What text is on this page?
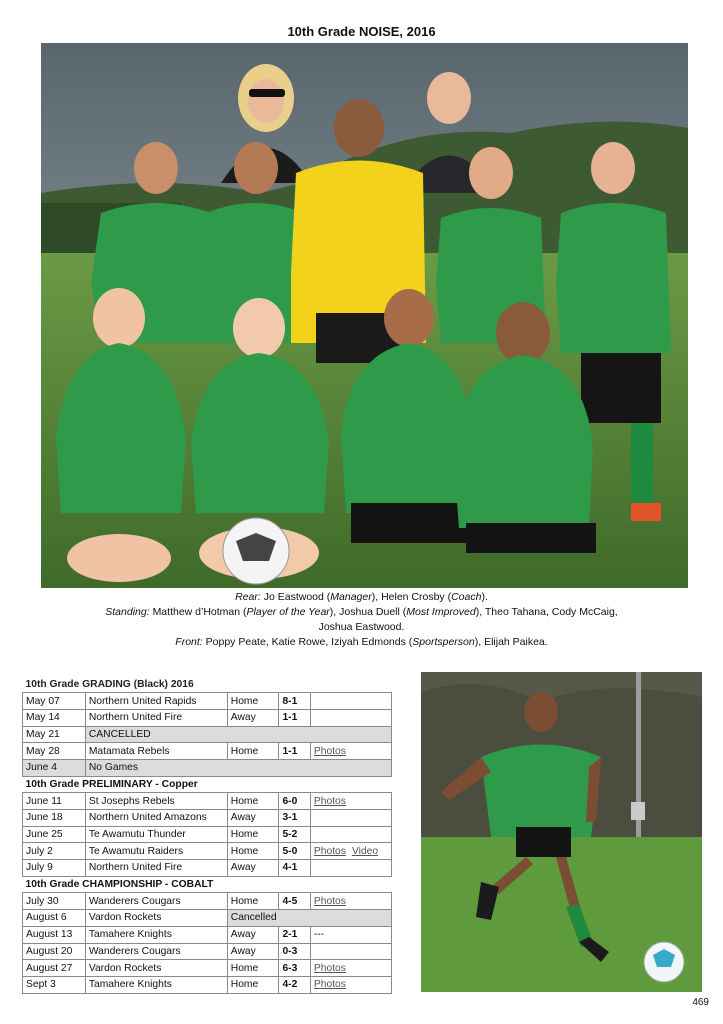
10th Grade NOISE, 2016
Rear: Jo Eastwood (Manager), Helen Crosby (Coach).
Standing: Matthew d’Hotman (Player of the Year), Joshua Duell (Most Improved), Theo Tahana, Cody McCaig,
Joshua Eastwood.
Front: Poppy Peate, Katie Rowe, Iziyah Edmonds (Sportsperson), Elijah Paikea.
10th Grade GRADING (Black) 2016				
May 07	Northern United Rapids	Home	8-1	
May 14	Northern United Fire	Away	1-1	
May 21	CANCELLED			
May 28	Matamata Rebels	Home	1-1	Photos
June 4	No Games			
10th Grade PRELIMINARY - Copper				
June 11	St Josephs Rebels	Home	6-0	Photos
June 18	Northern United Amazons	Away	3-1	
June 25	Te Awamutu Thunder	Home	5-2	
July 2	Te Awamutu Raiders	Home	5-0	Photos Video
July 9	Northern United Fire	Away	4-1	
10th Grade CHAMPIONSHIP - COBALT				
July 30	Wanderers Cougars	Home	4-5	Photos
August 6	Vardon Rockets	Cancelled		
August 13	Tamahere Knights	Away	2-1	---
August 20	Wanderers Cougars	Away	0-3	
August 27	Vardon Rockets	Home	6-3	Photos
Sept 3	Tamahere Knights	Home	4-2	Photos
469
